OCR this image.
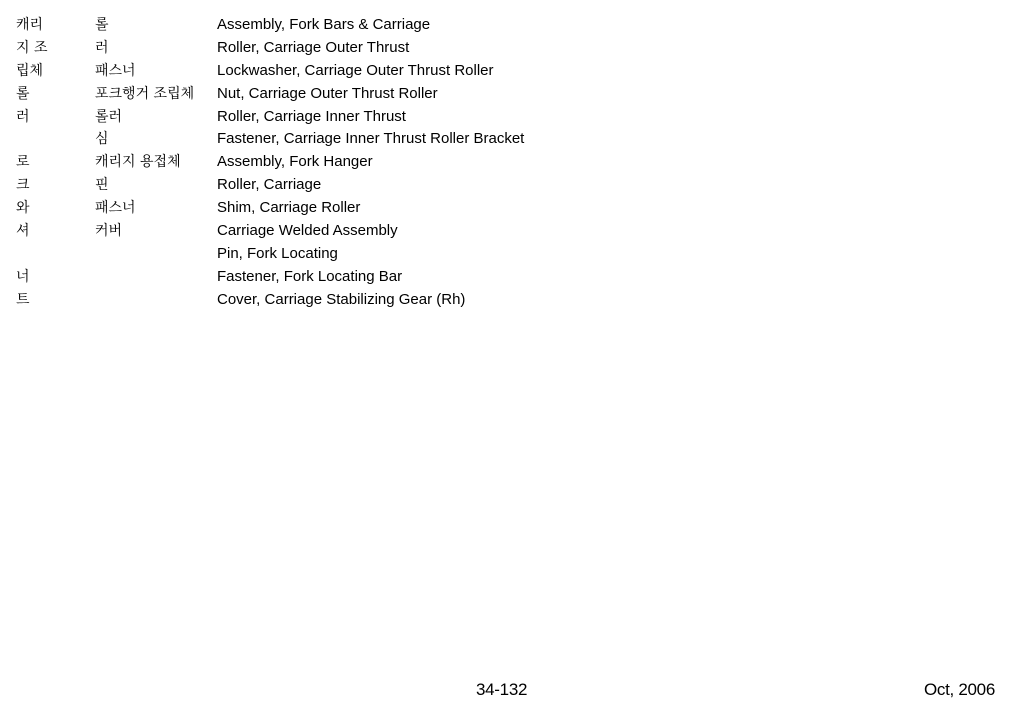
캐리
지 조
립체
롤
러
로
크
와
셔
너
트
롤
러
패스너
포크행거 조립체
롤러
심
캐리지 용접체
핀
패스너
커버
Assembly, Fork Bars & Carriage
Roller, Carriage Outer Thrust
Lockwasher, Carriage Outer Thrust Roller
Nut, Carriage Outer Thrust Roller
Roller, Carriage Inner Thrust
Fastener, Carriage Inner Thrust Roller Bracket
Assembly, Fork Hanger
Roller, Carriage
Shim, Carriage Roller
Carriage Welded Assembly
Pin, Fork Locating
Fastener, Fork Locating Bar
Cover, Carriage Stabilizing Gear (Rh)
34-132	Oct, 2006
